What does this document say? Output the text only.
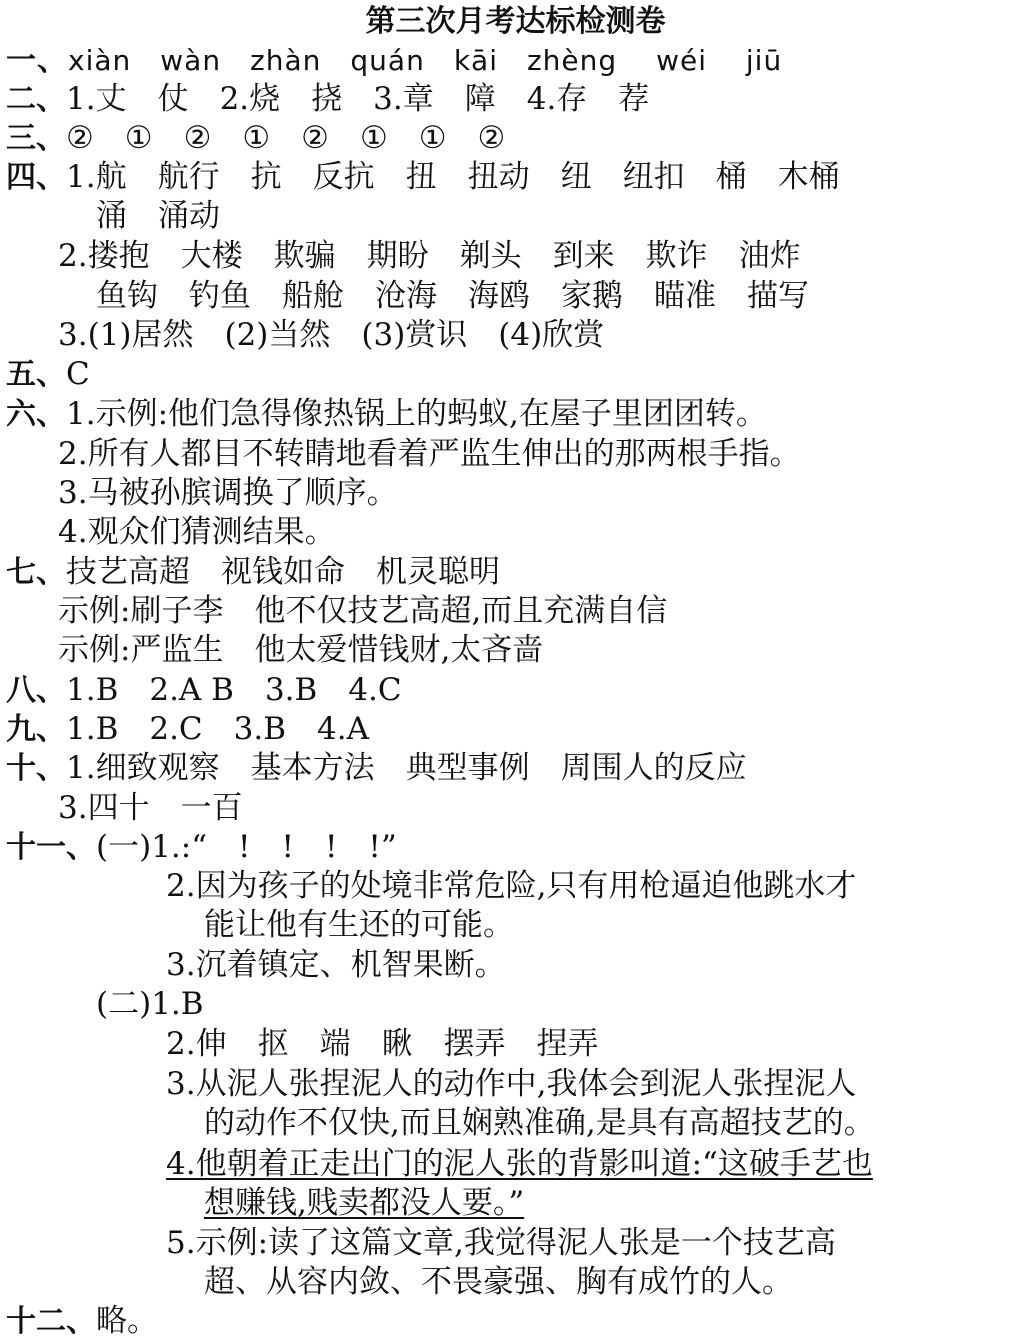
第三次月考达标检测卷
一、xiàn　wàn　zhàn　quán　kāi　zhèng　 wéi　 jiū
二、1.丈　仗　2.烧　挠　3.章　障　4.存　荐
三、②　①　②　①　②　①　①　②
四、1.航　航行　抗　反抗　扭　扭动　纽　纽扣　桶　木桶
涌　涌动
2.搂抱　大楼　欺骗　期盼　剃头　到来　欺诈　油炸
鱼钩　钓鱼　船舱　沧海　海鸥　家鹅　瞄准　描写
3.(1)居然　(2)当然　(3)赏识　(4)欣赏
五、C
六、1.示例:他们急得像热锅上的蚂蚁,在屋子里团团转。
2.所有人都目不转睛地看着严监生伸出的那两根手指。
3.马被孙膑调换了顺序。
4.观众们猜测结果。
七、技艺高超　视钱如命　机灵聪明
示例:刷子李　他不仅技艺高超,而且充满自信
示例:严监生　他太爱惜钱财,太吝啬
八、1.B　2.A B　3.B　4.C
九、1.B　2.C　3.B　4.A
十、1.细致观察　基本方法　典型事例　周围人的反应
3.四十　一百
十一、(一)1.:“　!　!　!　!”
2.因为孩子的处境非常危险,只有用枪逼迫他跳水才
能让他有生还的可能。
3.沉着镇定、机智果断。
(二)1.B
2.伸　抠　端　瞅　摆弄　捏弄
3.从泥人张捏泥人的动作中,我体会到泥人张捏泥人
的动作不仅快,而且娴熟准确,是具有高超技艺的。
4.他朝着正走出门的泥人张的背影叫道:“这破手艺也
想赚钱,贱卖都没人要。”
5.示例:读了这篇文章,我觉得泥人张是一个技艺高
超、从容内敛、不畏豪强、胸有成竹的人。
十二、略。
